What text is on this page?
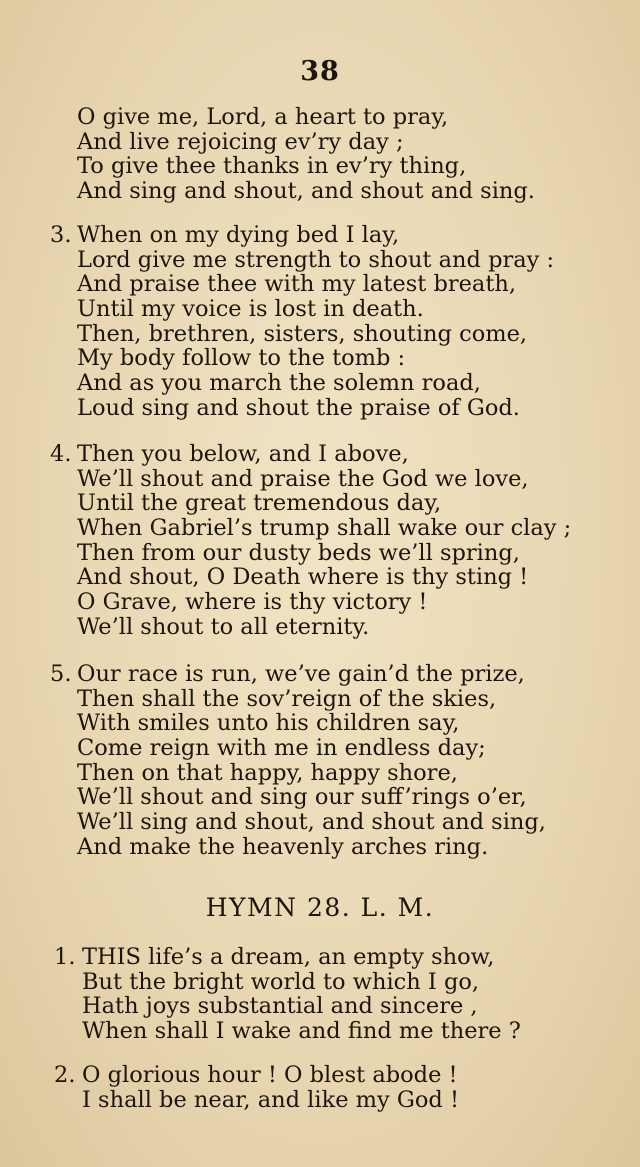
38
O give me, Lord, a heart to pray,
And live rejoicing ev’ry day ;
To give thee thanks in ev’ry thing,
And sing and shout, and shout and sing.
3. When on my dying bed I lay,
Lord give me strength to shout and pray :
And praise thee with my latest breath,
Until my voice is lost in death.
Then, brethren, sisters, shouting come,
My body follow to the tomb :
And as you march the solemn road,
Loud sing and shout the praise of God.
4. Then you below, and I above,
We’ll shout and praise the God we love,
Until the great tremendous day,
When Gabriel’s trump shall wake our clay ;
Then from our dusty beds we’ll spring,
And shout, O Death where is thy sting !
O Grave, where is thy victory !
We’ll shout to all eternity.
5. Our race is run, we’ve gain’d the prize,
Then shall the sov’reign of the skies,
With smiles unto his children say,
Come reign with me in endless day;
Then on that happy, happy shore,
We’ll shout and sing our suff’rings o’er,
We’ll sing and shout, and shout and sing,
And make the heavenly arches ring.
HYMN 28. L. M.
1. THIS life’s a dream, an empty show,
But the bright world to which I go,
Hath joys substantial and sincere ,
When shall I wake and find me there ?
2. O glorious hour ! O blest abode !
I shall be near, and like my God !
